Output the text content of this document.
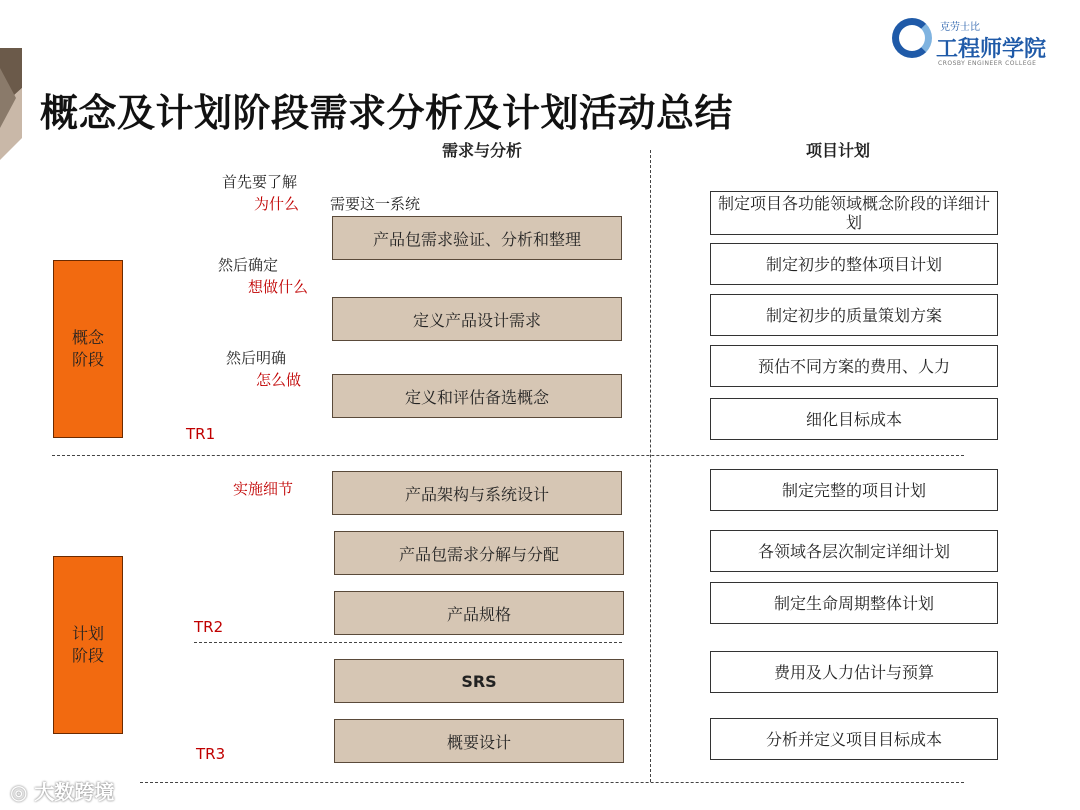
概念及计划阶段需求分析及计划活动总结
克劳士比
工程师学院
CROSBY ENGINEER COLLEGE
需求与分析	项目计划
概念
阶段
计划
阶段
首先要了解
为什么 需要这一系统
然后确定
想做什么
然后明确
怎么做
实施细节
TR1
TR2
TR3
产品包需求验证、分析和整理
定义产品设计需求
定义和评估备选概念
产品架构与系统设计
产品包需求分解与分配
产品规格
SRS
概要设计
制定项目各功能领域概念阶段的详细计划
制定初步的整体项目计划
制定初步的质量策划方案
预估不同方案的费用、人力
细化目标成本
制定完整的项目计划
各领域各层次制定详细计划
制定生命周期整体计划
费用及人力估计与预算
分析并定义项目目标成本
◎ 大数跨境
